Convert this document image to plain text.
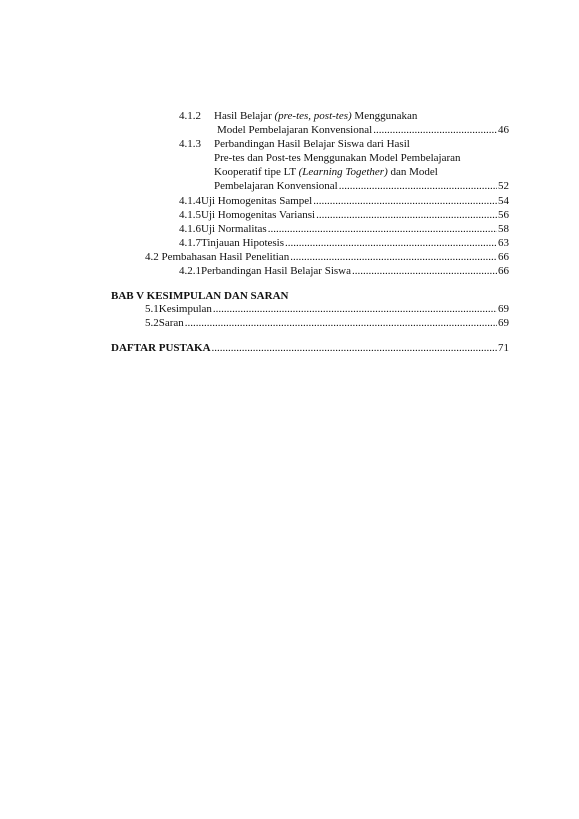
4.1.2	Hasil Belajar (pre-tes, post-tes) Menggunakan
Model Pembelajaran Konvensional .....	46
4.1.3	Perbandingan Hasil Belajar Siswa dari Hasil
Pre-tes dan Post-tes Menggunakan Model Pembelajaran
Kooperatif tipe LT (Learning Together) dan Model
Pembelajaran Konvensional .....	52
4.1.4 Uji Homogenitas Sampel .....	54
4.1.5 Uji Homogenitas Variansi .....	56
4.1.6 Uji Normalitas .....	58
4.1.7 Tinjauan Hipotesis .....	63
4.2 Pembahasan Hasil Penelitian .....	66
4.2.1 Perbandingan Hasil Belajar Siswa .....	66
BAB V KESIMPULAN DAN SARAN
5.1 Kesimpulan .....	69
5.2 Saran .....	69
DAFTAR PUSTAKA .....	71
